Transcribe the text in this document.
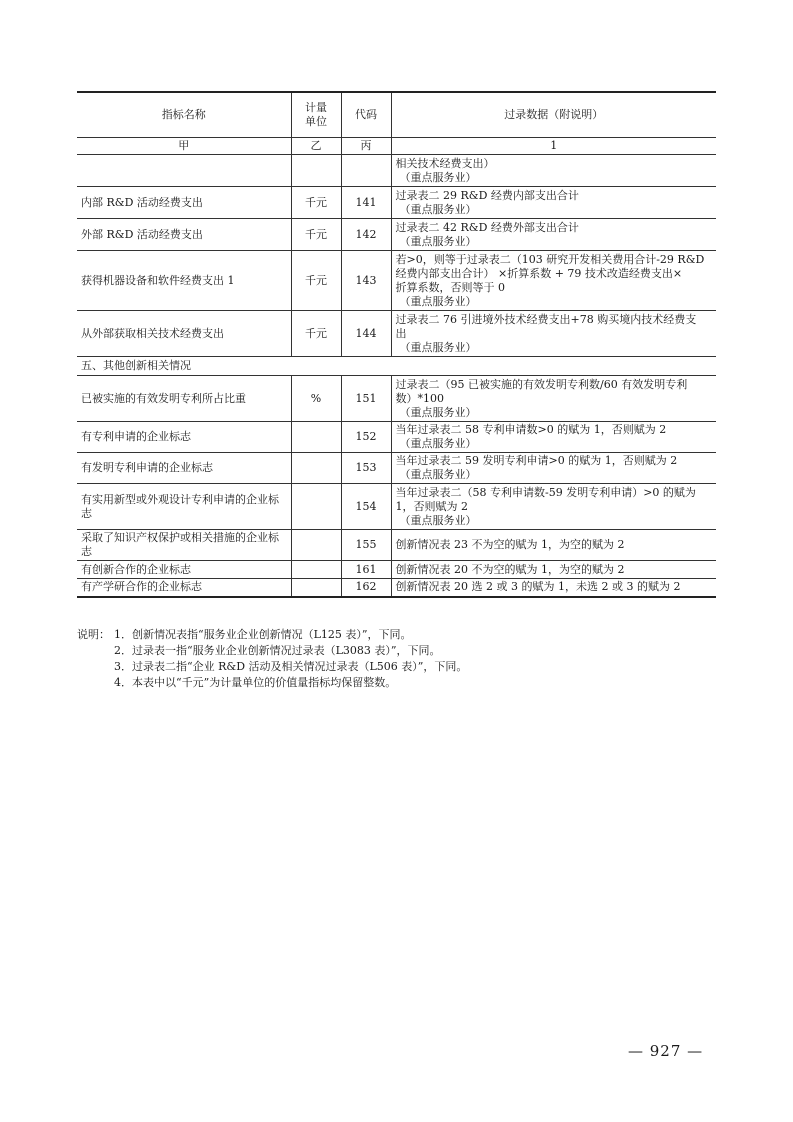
指标名称	计量单位	代码	过录数据（附说明）
甲	乙	丙	1

			相关技术经费支出）
（重点服务业）

内部 R&D 活动经费支出	千元	141	过录表二 29 R&D 经费内部支出合计
（重点服务业）

外部 R&D 活动经费支出	千元	142	过录表二 42 R&D 经费外部支出合计
（重点服务业）

获得机器设备和软件经费支出 1	千元	143	若>0，则等于过录表二（103 研究开发相关费用合计-29 R&D
经费内部支出合计） ×折算系数 + 79 技术改造经费支出×
折算系数，否则等于 0
（重点服务业）

从外部获取相关技术经费支出	千元	144	过录表二 76 引进境外技术经费支出+78 购买境内技术经费支
出
（重点服务业）

五、其他创新相关情况			
已被实施的有效发明专利所占比重	%	151	过录表二（95 已被实施的有效发明专利数/60 有效发明专利
数）*100
（重点服务业）

有专利申请的企业标志		152	当年过录表二 58 专利申请数>0 的赋为 1，否则赋为 2
（重点服务业）

有发明专利申请的企业标志		153	当年过录表二 59 发明专利申请>0 的赋为 1，否则赋为 2
（重点服务业）

有实用新型或外观设计专利申请的企业标志		154	当年过录表二（58 专利申请数-59 发明专利申请）>0 的赋为
1，否则赋为 2
（重点服务业）

采取了知识产权保护或相关措施的企业标志		155	创新情况表 23 不为空的赋为 1，为空的赋为 2

有创新合作的企业标志		161	创新情况表 20 不为空的赋为 1，为空的赋为 2

有产学研合作的企业标志		162	创新情况表 20 选 2 或 3 的赋为 1，未选 2 或 3 的赋为 2
说明： 1．创新情况表指“服务业企业创新情况（L125 表）”，下同。
2．过录表一指“服务业企业创新情况过录表（L3083 表）”，下同。
3．过录表二指“企业 R&D 活动及相关情况过录表（L506 表）”，下同。
4．本表中以“千元”为计量单位的价值量指标均保留整数。
— 927 —
